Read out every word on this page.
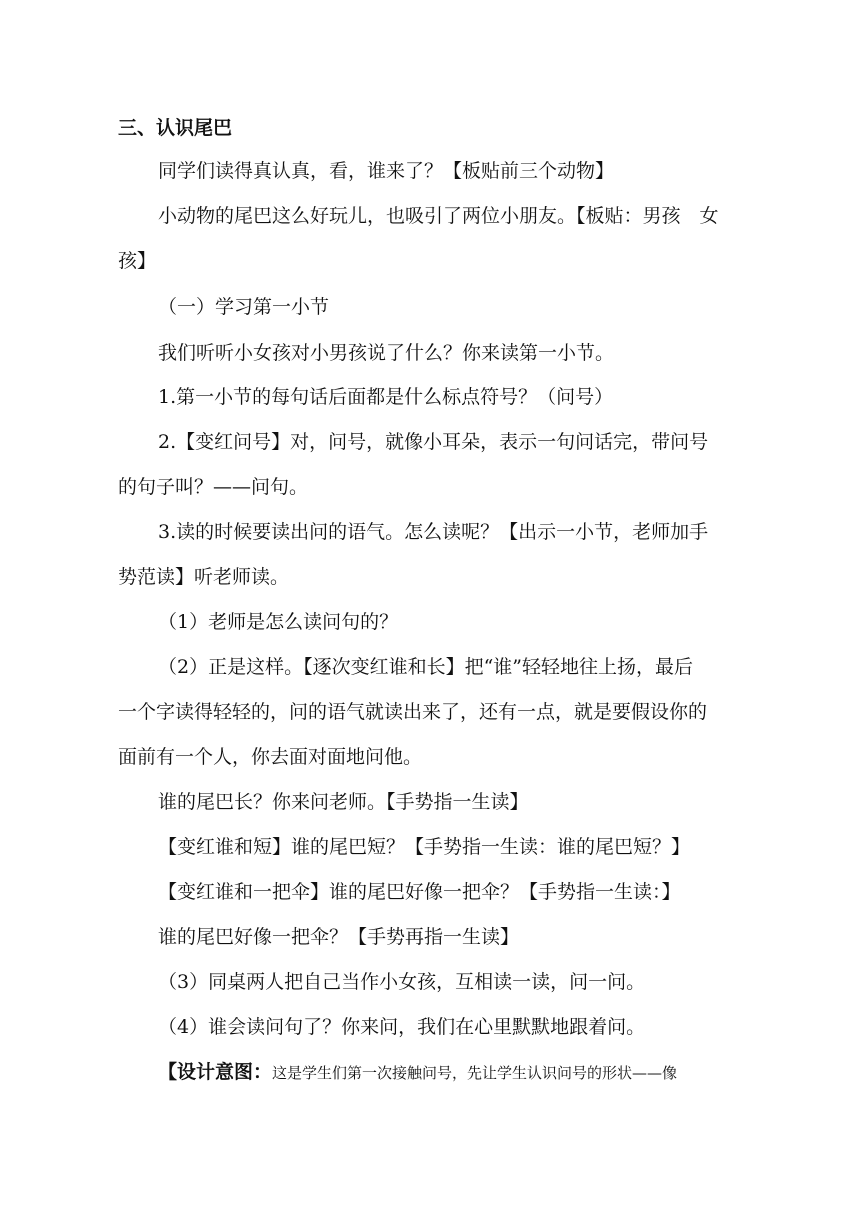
三、认识尾巴
同学们读得真认真，看，谁来了？【板贴前三个动物】
小动物的尾巴这么好玩儿，也吸引了两位小朋友。【板贴：男孩　女
孩】
（一）学习第一小节
我们听听小女孩对小男孩说了什么？你来读第一小节。
1.第一小节的每句话后面都是什么标点符号？（问号）
2.【变红问号】对，问号，就像小耳朵，表示一句问话完，带问号
的句子叫？——问句。
3.读的时候要读出问的语气。怎么读呢？【出示一小节，老师加手
势范读】听老师读。
（1）老师是怎么读问句的？
（2）正是这样。【逐次变红谁和长】把“谁”轻轻地往上扬，最后
一个字读得轻轻的，问的语气就读出来了，还有一点，就是要假设你的
面前有一个人，你去面对面地问他。
谁的尾巴长？你来问老师。【手势指一生读】
【变红谁和短】谁的尾巴短？【手势指一生读：谁的尾巴短？】
【变红谁和一把伞】谁的尾巴好像一把伞？【手势指一生读：】
谁的尾巴好像一把伞？【手势再指一生读】
（3）同桌两人把自己当作小女孩，互相读一读，问一问。
（4）谁会读问句了？你来问，我们在心里默默地跟着问。
【设计意图：这是学生们第一次接触问号，先让学生认识问号的形状——像
